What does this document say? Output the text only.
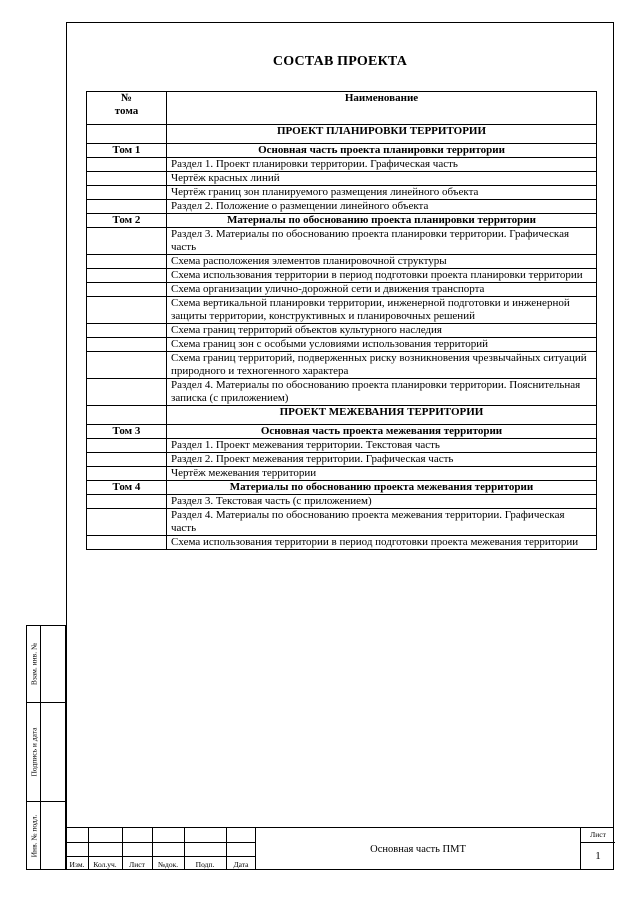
СОСТАВ ПРОЕКТА
№
тома	Наименование
	ПРОЕКТ ПЛАНИРОВКИ ТЕРРИТОРИИ
Том 1	Основная часть проекта планировки территории
	Раздел 1. Проект планировки территории. Графическая часть
	Чертёж красных линий
	Чертёж границ зон планируемого размещения линейного объекта
	Раздел 2. Положение о размещении линейного объекта
Том 2	Материалы по обоснованию проекта планировки территории
	Раздел 3. Материалы по обоснованию проекта планировки территории. Графическая часть
	Схема расположения элементов планировочной структуры
	Схема использования территории в период подготовки проекта планировки территории
	Схема организации улично-дорожной сети и движения транспорта
	Схема вертикальной планировки территории, инженерной подготовки и инженерной защиты территории, конструктивных и планировочных решений
	Схема границ территорий объектов культурного наследия
	Схема границ зон с особыми условиями использования территорий
	Схема границ территорий, подверженных риску возникновения чрезвычайных ситуаций природного и техногенного характера
	Раздел 4. Материалы по обоснованию проекта планировки территории. Пояснительная записка (с приложением)
	ПРОЕКТ МЕЖЕВАНИЯ ТЕРРИТОРИИ
Том 3	Основная часть проекта межевания территории
	Раздел 1. Проект межевания территории. Текстовая часть
	Раздел 2. Проект межевания территории. Графическая часть
	Чертёж межевания территории
Том 4	Материалы по обоснованию проекта межевания территории
	Раздел 3. Текстовая часть (с приложением)
	Раздел 4. Материалы по обоснованию проекта межевания территории. Графическая часть
	Схема использования территории в период подготовки проекта межевания территории
Взам. инв. №
Подпись и дата
Инв. № подл.
Изм.	Кол.уч.	Лист	№док.	Подп.	Дата
Основная часть ПМТ
Лист
1
